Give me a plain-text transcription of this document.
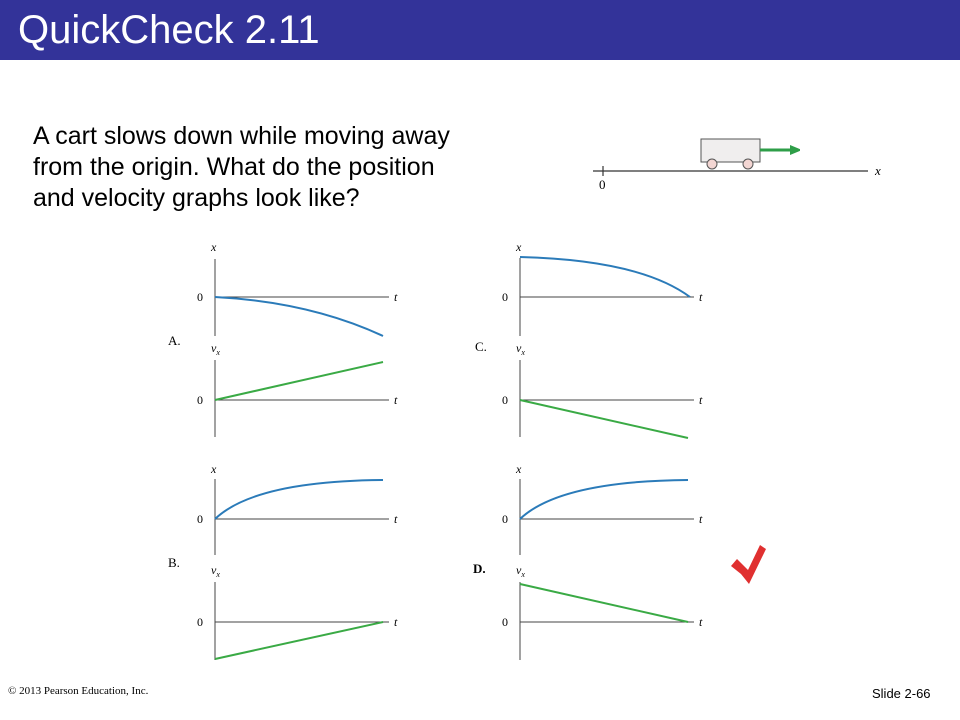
QuickCheck 2.11
A cart slows down while moving away
from the origin. What do the position
and velocity graphs look like?	0
x
A.
x
0	t
$v_x$
0	t
B.
x
0	t
$v_x$
0	t
C.
x
0	t
$v_x$
0	t
D.
x
0	t
$v_x$
0	t
© 2013 Pearson Education, Inc.	Slide 2-66
